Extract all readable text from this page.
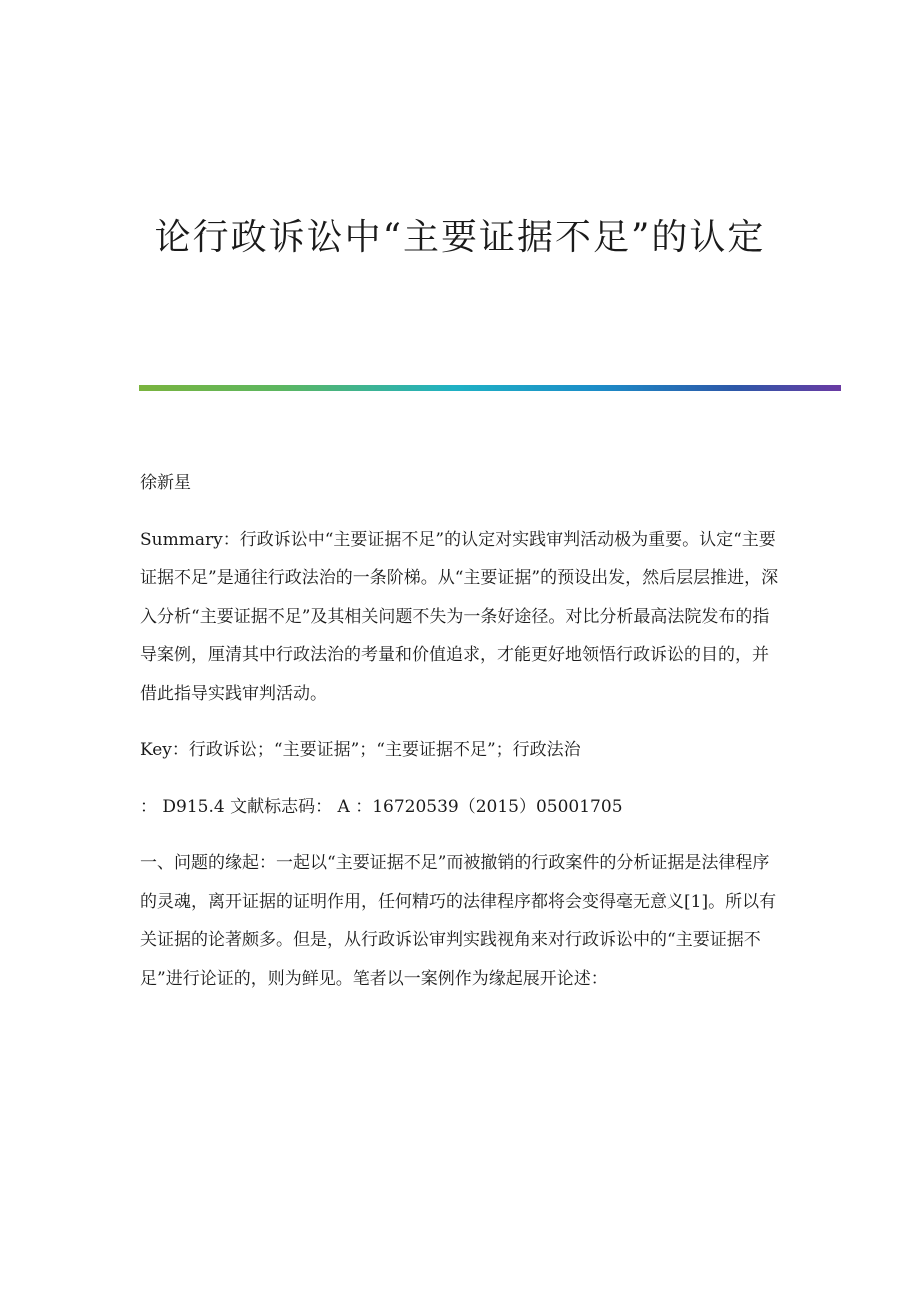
论行政诉讼中“主要证据不足”的认定

徐新星

Summary：行政诉讼中“主要证据不足”的认定对实践审判活动极为重要。认定“主要证据不足”是通往行政法治的一条阶梯。从“主要证据”的预设出发，然后层层推进，深入分析“主要证据不足”及其相关问题不失为一条好途径。对比分析最高法院发布的指导案例，厘清其中行政法治的考量和价值追求，才能更好地领悟行政诉讼的目的，并借此指导实践审判活动。

Key：行政诉讼；“主要证据”；“主要证据不足”；行政法治

： D915.4 文献标志码： A ：16720539（2015）05001705

一、问题的缘起：一起以“主要证据不足”而被撤销的行政案件的分析证据是法律程序的灵魂，离开证据的证明作用，任何精巧的法律程序都将会变得毫无意义[1]。所以有关证据的论著颇多。但是，从行政诉讼审判实践视角来对行政诉讼中的“主要证据不足”进行论证的，则为鲜见。笔者以一案例作为缘起展开论述：
